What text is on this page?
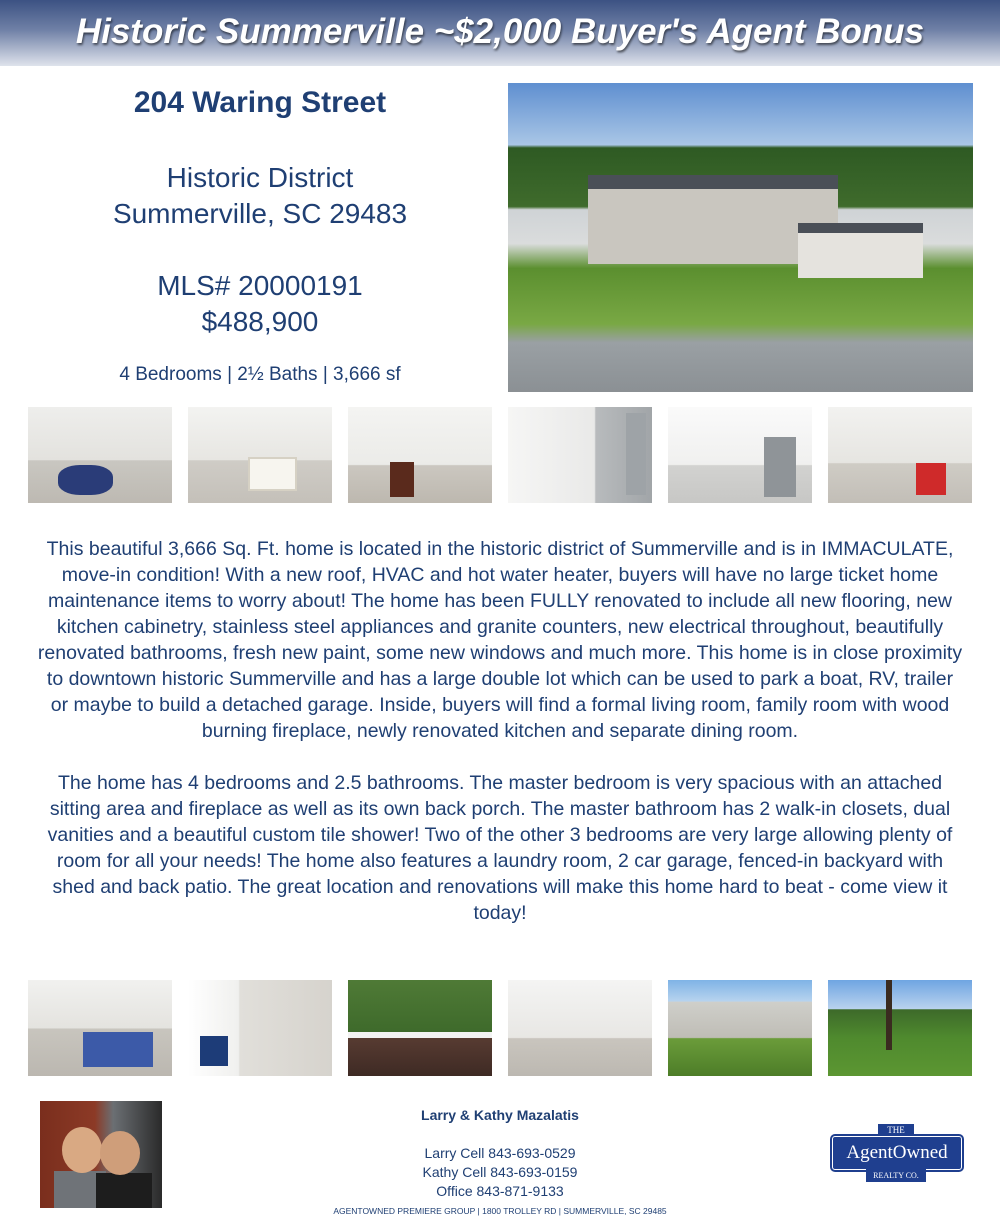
Historic Summerville ~$2,000 Buyer's Agent Bonus
204 Waring Street
Historic District
Summerville, SC 29483
MLS# 20000191
$488,900
4 Bedrooms | 2½ Baths | 3,666 sf

This beautiful 3,666 Sq. Ft. home is located in the historic district of Summerville and is in IMMACULATE, move-in condition! With a new roof, HVAC and hot water heater, buyers will have no large ticket home maintenance items to worry about! The home has been FULLY renovated to include all new flooring, new kitchen cabinetry, stainless steel appliances and granite counters, new electrical throughout, beautifully renovated bathrooms, fresh new paint, some new windows and much more. This home is in close proximity to downtown historic Summerville and has a large double lot which can be used to park a boat, RV, trailer or maybe to build a detached garage. Inside, buyers will find a formal living room, family room with wood burning fireplace, newly renovated kitchen and separate dining room.

The home has 4 bedrooms and 2.5 bathrooms. The master bedroom is very spacious with an attached sitting area and fireplace as well as its own back porch. The master bathroom has 2 walk-in closets, dual vanities and a beautiful custom tile shower! Two of the other 3 bedrooms are very large allowing plenty of room for all your needs! The home also features a laundry room, 2 car garage, fenced-in backyard with shed and back patio. The great location and renovations will make this home hard to beat - come view it today!

Larry & Kathy Mazalatis
Larry Cell 843-693-0529
Kathy Cell 843-693-0159
Office 843-871-9133
AgentOwned
THE
REALTY CO.
AGENTOWNED PREMIERE GROUP | 1800 TROLLEY RD | SUMMERVILLE, SC 29485
